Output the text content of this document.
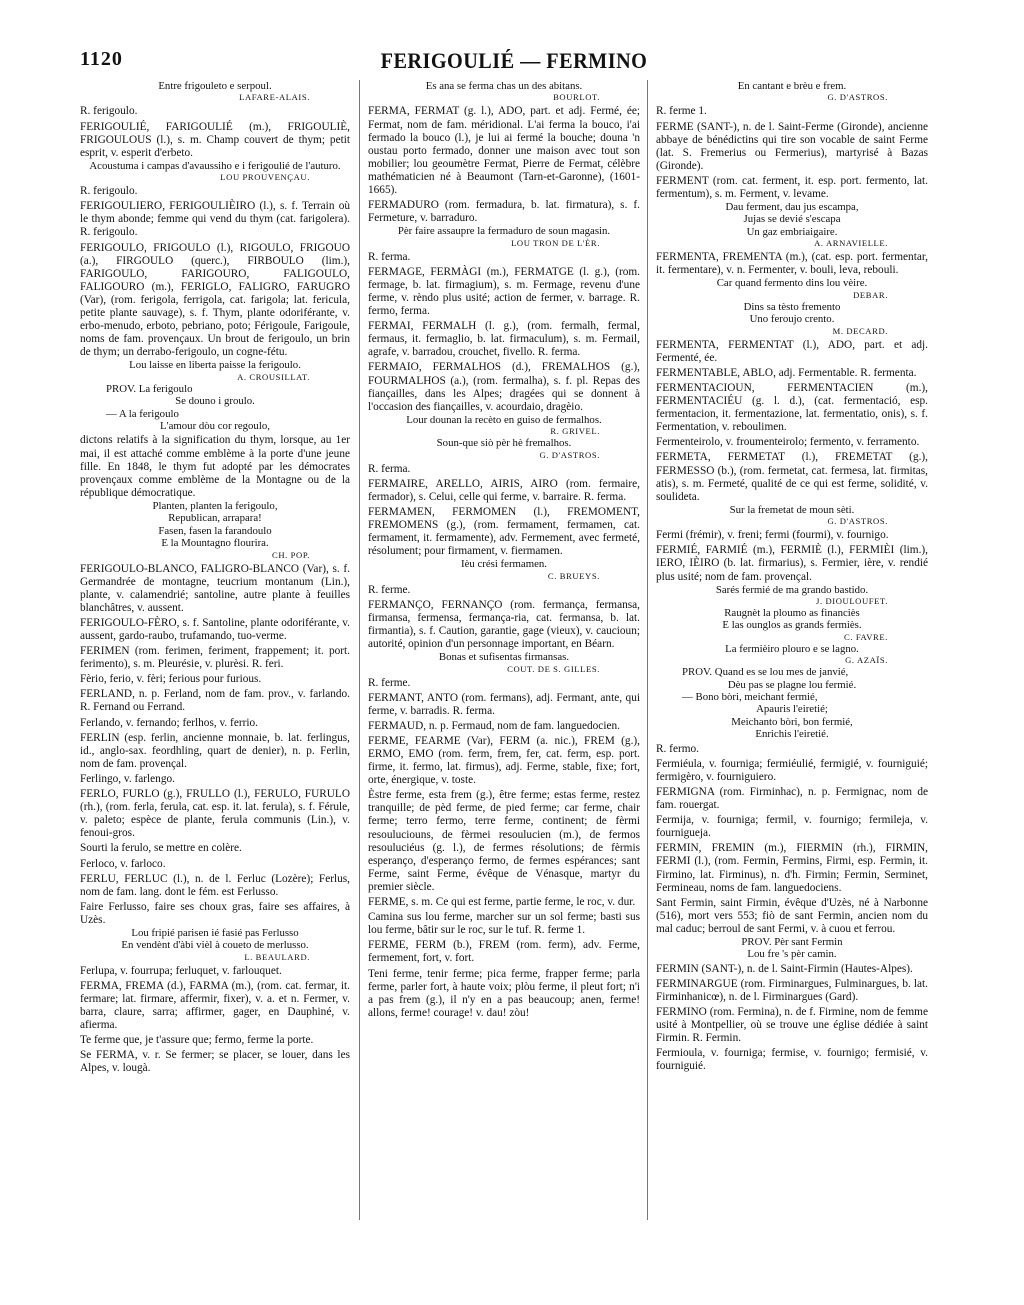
1120	FERIGOULIÉ — FERMINO
Entre frigouleto e serpoul.
LAFARE-ALAIS.

R. ferigoulo.

FERIGOULIÉ, FARIGOULIÉ (m.), FRIGOULIÈ, FRIGOULOUS (l.), s. m. Champ couvert de thym; petit esprit, v. esperit d'erbeto.

Acoustuma i campas d'avaussiho e i ferigoulié de l'auturo.
LOU PROUVENÇAU.

R. ferigoulo.

FERIGOULIERO, FERIGOULIÈIRO (l.), s. f. Terrain où le thym abonde; femme qui vend du thym (cat. farigolera). R. ferigoulo.

FERIGOULO, FRIGOULO (l.), RIGOULO, FRIGOUO (a.), FIRGOULO (querc.), FIRBOULO (lim.), FARIGOULO, FARIGOURO, FALIGOULO, FALIGOURO (m.), FERIGLO, FALIGRO, FARUGRO (Var), (rom. ferigola, ferrigola, cat. farigola; lat. fericula, petite plante sauvage), s. f. Thym, plante odoriférante, v. erbo-menudo, erboto, pebriano, poto; Férigoule, Farigoule, noms de fam. provençaux. Un brout de ferigoulo, un brin de thym; un derrabo-ferigoulo, un cogne-fétu.

Lou laisse en liberta paisse la ferigoulo.
A. CROUSILLAT.
PROV. La ferigoulo
Se douno i groulo.
— A la ferigoulo
L'amour dòu cor regoulo,

dictons relatifs à la signification du thym, lorsque, au 1er mai, il est attaché comme emblème à la porte d'une jeune fille. En 1848, le thym fut adopté par les démocrates provençaux comme emblème de la Montagne ou de la république démocratique.

Planten, planten la ferigoulo,
Republican, arrapara!
Fasen, fasen la farandoulo
E la Mountagno flourira.
CH. POP.

FERIGOULO-BLANCO, FALIGRO-BLANCO (Var), s. f. Germandrée de montagne, teucrium montanum (Lin.), plante, v. calamendrié; santoline, autre plante à feuilles blanchâtres, v. aussent.

FERIGOULO-FÈRO, s. f. Santoline, plante odoriférante, v. aussent, gardo-raubo, trufamando, tuo-verme.

FERIMEN (rom. ferimen, feriment, frappement; it. port. ferimento), s. m. Pleurésie, v. plurèsi. R. feri.

Fèrio, ferio, v. fèri; ferious pour furious.

FERLAND, n. p. Ferland, nom de fam. prov., v. farlando. R. Fernand ou Ferrand.

Ferlando, v. fernando; ferlhos, v. ferrio.

FERLIN (esp. ferlin, ancienne monnaie, b. lat. ferlingus, id., anglo-sax. feordhling, quart de denier), n. p. Ferlin, nom de fam. provençal.

Ferlingo, v. farlengo.

FERLO, FURLO (g.), FRULLO (l.), FERULO, FURULO (rh.), (rom. ferla, ferula, cat. esp. it. lat. ferula), s. f. Férule, v. paleto; espèce de plante, ferula communis (Lin.), v. fenoui-gros.

Sourti la ferulo, se mettre en colère.

Ferloco, v. farloco.

FERLU, FERLUC (l.), n. de l. Ferluc (Lozère); Ferlus, nom de fam. lang. dont le fém. est Ferlusso.

Faire Ferlusso, faire ses choux gras, faire ses affaires, à Uzès.

Lou fripié parisen ié fasié pas Ferlusso
En vendènt d'àbi vièl à coueto de merlusso.
L. BEAULARD.

Ferlupa, v. fourrupa; ferluquet, v. farlouquet.

FERMA, FREMA (d.), FARMA (m.), (rom. cat. fermar, it. fermare; lat. firmare, affermir, fixer), v. a. et n. Fermer, v. barra, claure, sarra; affirmer, gager, en Dauphiné, v. afierma.

Te ferme que, je t'assure que; fermo, ferme la porte.

Se FERMA, v. r. Se fermer; se placer, se louer, dans les Alpes, v. lougà.

Es ana se ferma chas un des abitans.
BOURLOT.

FERMA, FERMAT (g. l.), ADO, part. et adj. Fermé, ée; Fermat, nom de fam. méridional. L'ai ferma la bouco, i'ai fermado la bouco (l.), je lui ai fermé la bouche; douna 'n oustau porto fermado, donner une maison avec tout son mobilier; lou geoumètre Fermat, Pierre de Fermat, célèbre mathématicien né à Beaumont (Tarn-et-Garonne), (1601-1665).

FERMADURO (rom. fermadura, b. lat. firmatura), s. f. Fermeture, v. barraduro.

Pèr faire assaupre la fermaduro de soun magasin.
LOU TRON DE L'ÈR.

R. ferma.

FERMAGE, FERMÀGI (m.), FERMATGE (l. g.), (rom. fermage, b. lat. firmagium), s. m. Fermage, revenu d'une ferme, v. rèndo plus usité; action de fermer, v. barrage. R. fermo, ferma.

FERMAI, FERMALH (l. g.), (rom. fermalh, fermal, fermaus, it. fermaglio, b. lat. firmaculum), s. m. Fermail, agrafe, v. barradou, crouchet, fivello. R. ferma.

FERMAIO, FERMALHOS (d.), FREMALHOS (g.), FOURMALHOS (a.), (rom. fermalha), s. f. pl. Repas des fiançailles, dans les Alpes; dragées qui se donnent à l'occasion des fiançailles, v. acourdaio, dragèio.

Lour dounan la recèto en guiso de fermalhos.
R. GRIVEL.
Soun-que siò pèr hè fremalhos.
G. D'ASTROS.

R. ferma.

FERMAIRE, ARELLO, AIRIS, AIRO (rom. fermaire, fermador), s. Celui, celle qui ferme, v. barraire. R. ferma.

FERMAMEN, FERMOMEN (l.), FREMOMENT, FREMOMENS (g.), (rom. fermament, fermamen, cat. fermament, it. fermamente), adv. Fermement, avec fermeté, résolument; pour firmament, v. fiermamen.

Ièu crési fermamen.
C. BRUEYS.

R. ferme.

FERMANÇO, FERNANÇO (rom. fermança, fermansa, firmansa, fermensa, fermança-ria, cat. fermansa, b. lat. firmantia), s. f. Caution, garantie, gage (vieux), v. caucioun; autorité, opinion d'un personnage important, en Béarn.

Bonas et sufisentas firmansas.
COUT. DE S. GILLES.

R. ferme.

FERMANT, ANTO (rom. fermans), adj. Fermant, ante, qui ferme, v. barradis. R. ferma.

FERMAUD, n. p. Fermaud, nom de fam. languedocien.

FERME, FEARME (Var), FERM (a. nic.), FREM (g.), ERMO, EMO (rom. ferm, frem, fer, cat. ferm, esp. port. firme, it. fermo, lat. firmus), adj. Ferme, stable, fixe; fort, orte, énergique, v. toste.

Èstre ferme, esta frem (g.), être ferme; estas ferme, restez tranquille; de pèd ferme, de pied ferme; car ferme, chair ferme; terro fermo, terre ferme, continent; de fèrmi resouluciouns, de fèrmei resoulucien (m.), de fermos resouluciéus (g. l.), de fermes résolutions; de fèrmis esperanço, d'esperanço fermo, de fermes espérances; sant Ferme, saint Ferme, évêque de Vénasque, martyr du premier siècle.

FERME, s. m. Ce qui est ferme, partie ferme, le roc, v. dur.

Camina sus lou ferme, marcher sur un sol ferme; basti sus lou ferme, bâtir sur le roc, sur le tuf. R. ferme 1.

FERME, FERM (b.), FREM (rom. ferm), adv. Ferme, fermement, fort, v. fort.

Teni ferme, tenir ferme; pica ferme, frapper ferme; parla ferme, parler fort, à haute voix; plòu ferme, il pleut fort; n'i a pas frem (g.), il n'y en a pas beaucoup; anen, ferme! allons, ferme! courage! v. dau! zòu!

En cantant e brèu e frem.
G. D'ASTROS.

R. ferme 1.

FERME (SANT-), n. de l. Saint-Ferme (Gironde), ancienne abbaye de bénédictins qui tire son vocable de saint Ferme (lat. S. Fremerius ou Fermerius), martyrisé à Bazas (Gironde).

FERMENT (rom. cat. ferment, it. esp. port. fermento, lat. fermentum), s. m. Ferment, v. levame.

Dau ferment, dau jus escampa,
Jujas se devié s'escapa
Un gaz embriaigaire.
A. ARNAVIELLE.

FERMENTA, FREMENTA (m.), (cat. esp. port. fermentar, it. fermentare), v. n. Fermenter, v. bouli, leva, rebouli.

Car quand fermento dins lou vèire.
DEBAR.
Dins sa tèsto fremento
Uno feroujo crento.
M. DECARD.

FERMENTA, FERMENTAT (l.), ADO, part. et adj. Fermenté, ée.

FERMENTABLE, ABLO, adj. Fermentable. R. fermenta.

FERMENTACIOUN, FERMENTACIEN (m.), FERMENTACIÉU (g. l. d.), (cat. fermentació, esp. fermentacion, it. fermentazione, lat. fermentatio, onis), s. f. Fermentation, v. reboulimen.

Fermenteirolo, v. froumenteirolo; fermento, v. ferramento.

FERMETA, FERMETAT (l.), FREMETAT (g.), FERMESSO (b.), (rom. fermetat, cat. fermesa, lat. firmitas, atis), s. m. Fermeté, qualité de ce qui est ferme, solidité, v. soulideta.

Sur la fremetat de moun sèti.
G. D'ASTROS.

Fermi (frémir), v. freni; fermi (fourmi), v. fournigo.

FERMIÉ, FARMIÉ (m.), FERMIÈ (l.), FERMIÈI (lim.), IERO, IÈIRO (b. lat. firmarius), s. Fermier, ière, v. rendié plus usité; nom de fam. provençal.

Sarés fermié de ma grando bastido.
J. DIOULOUFET.
Raugnèt la ploumo as financiès
E las ounglos as grands fermiès.
C. FAVRE.
La fermièiro plouro e se lagno.
G. AZAÏS.
PROV. Quand es se lou mes de janvié,
Dèu pas se plagne lou fermié.
— Bono bòri, meichant fermié,
Apauris l'eiretié;
Meichanto bòri, bon fermié,
Enrichis l'eiretié.

R. fermo.

Fermiéula, v. fourniga; fermiéulié, fermigié, v. fourniguié; fermigèro, v. fourniguiero.

FERMIGNA (rom. Firminhac), n. p. Fermignac, nom de fam. rouergat.

Fermija, v. fourniga; fermil, v. fournigo; fermileja, v. fournigueja.

FERMIN, FREMIN (m.), FIERMIN (rh.), FIRMIN, FERMI (l.), (rom. Fermin, Fermins, Firmi, esp. Fermin, it. Firmino, lat. Firminus), n. d'h. Firmin; Fermin, Serminet, Fermineau, noms de fam. languedociens.

Sant Fermin, saint Firmin, évêque d'Uzès, né à Narbonne (516), mort vers 553; fiò de sant Fermin, ancien nom du mal caduc; berroul de sant Fermi, v. à cuou et ferrou.

PROV. Pèr sant Fermin
Lou fre 's pèr camin.

FERMIN (SANT-), n. de l. Saint-Firmin (Hautes-Alpes).

FERMINARGUE (rom. Firminargues, Fulminargues, b. lat. Firminhanicœ), n. de l. Firminargues (Gard).

FERMINO (rom. Fermina), n. de f. Firmine, nom de femme usité à Montpellier, où se trouve une église dédiée à saint Firmin. R. Fermin.

Fermioula, v. fourniga; fermise, v. fournigo; fermisié, v. fourniguié.
